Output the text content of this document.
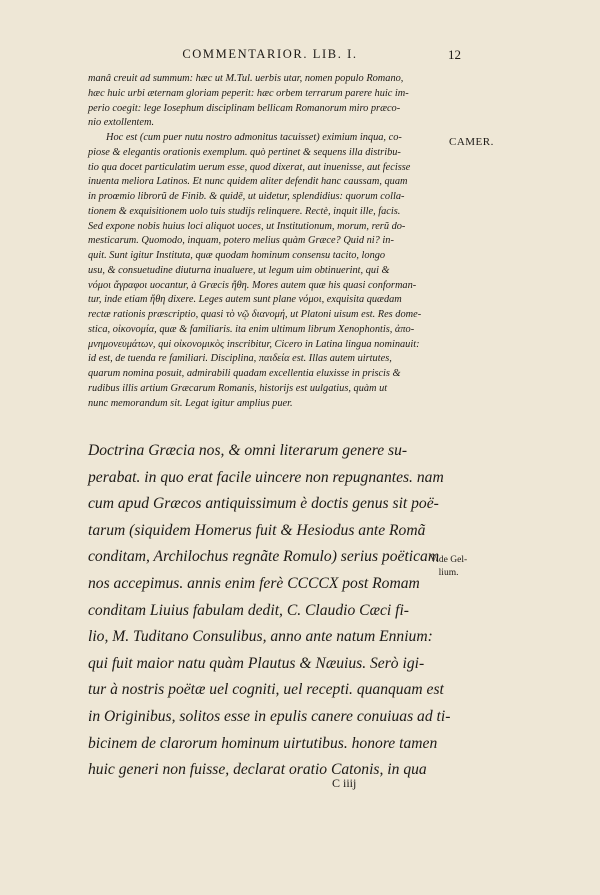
COMMENTARIOR. LIB. I.	12
manâ creuit ad summum: hæc ut M.Tul. uerbis utar, nomen populo Romano,
hæc huic urbi æternam gloriam peperit: hæc orbem terrarum parere huic im-
perio coegit: lege Iosephum disciplinam bellicam Romanorum miro præco-
nio extollentem.
Hoc est (cum puer nutu nostro admonitus tacuisset) eximium inqua, co-
piose & elegantis orationis exemplum. quò pertinet & sequens illa distribu-
tio qua docet particulatim uerum esse, quod dixerat, aut inuenisse, aut fecisse
inuenta meliora Latinos. Et nunc quidem aliter defendit hanc caussam, quam
in proœmio librorũ de Finib. & quidē, ut uidetur, splendidius: quorum colla-
tionem & exquisitionem uolo tuis studijs relinquere. Rectè, inquit ille, facis.
Sed expone nobis huius loci aliquot uoces, ut Institutionum, morum, rerũ do-
mesticarum. Quomodo, inquam, potero melius quàm Græce? Quid ni? in-
quit. Sunt igitur Instituta, quæ quodam hominum consensu tacito, longo
usu, & consuetudine diuturna inualuere, ut legum uim obtinuerint, qui &
νόμοι ἄγραφοι uocantur, à Græcis ἤθη. Mores autem quæ his quasi conforman-
tur, inde etiam ἤθη dixere. Leges autem sunt plane νόμοι, exquisita quædam
rectæ rationis præscriptio, quasi τὸ νῷ διανομή, ut Platoni uisum est. Res dome-
stica, οἰκονομία, quæ & familiaris. ita enim ultimum librum Xenophontis, ἀπο-
μνημονευμάτων, qui οἰκονομικὸς inscribitur, Cicero in Latina lingua nominauit:
id est, de tuenda re familiari. Disciplina, παιδεία est. Illas autem uirtutes,
quarum nomina posuit, admirabili quadam excellentia eluxisse in priscis &
rudibus illis artium Græcarum Romanis, historijs est uulgatius, quàm ut
nunc memorandum sit. Legat igitur amplius puer.
CAMER.
Doctrina Græcia nos, & omni literarum genere su-
perabat. in quo erat facile uincere non repugnantes. nam
cum apud Græcos antiquissimum è doctis genus sit poë-
tarum (siquidem Homerus fuit & Hesiodus ante Romã
conditam, Archilochus regnãte Romulo) serius poëticam
nos accepimus. annis enim ferè CCCCX post Romam
conditam Liuius fabulam dedit, C. Claudio Cæci fi-
lio, M. Tuditano Consulibus, anno ante natum Ennium:
qui fuit maior natu quàm Plautus & Næuius. Serò igi-
tur à nostris poëtæ uel cogniti, uel recepti. quanquam est
in Originibus, solitos esse in epulis canere conuiuas ad ti-
bicinem de clarorum hominum uirtutibus. honore tamen
huic generi non fuisse, declarat oratio Catonis, in qua
Vide Gel-
lium.
C iiij
